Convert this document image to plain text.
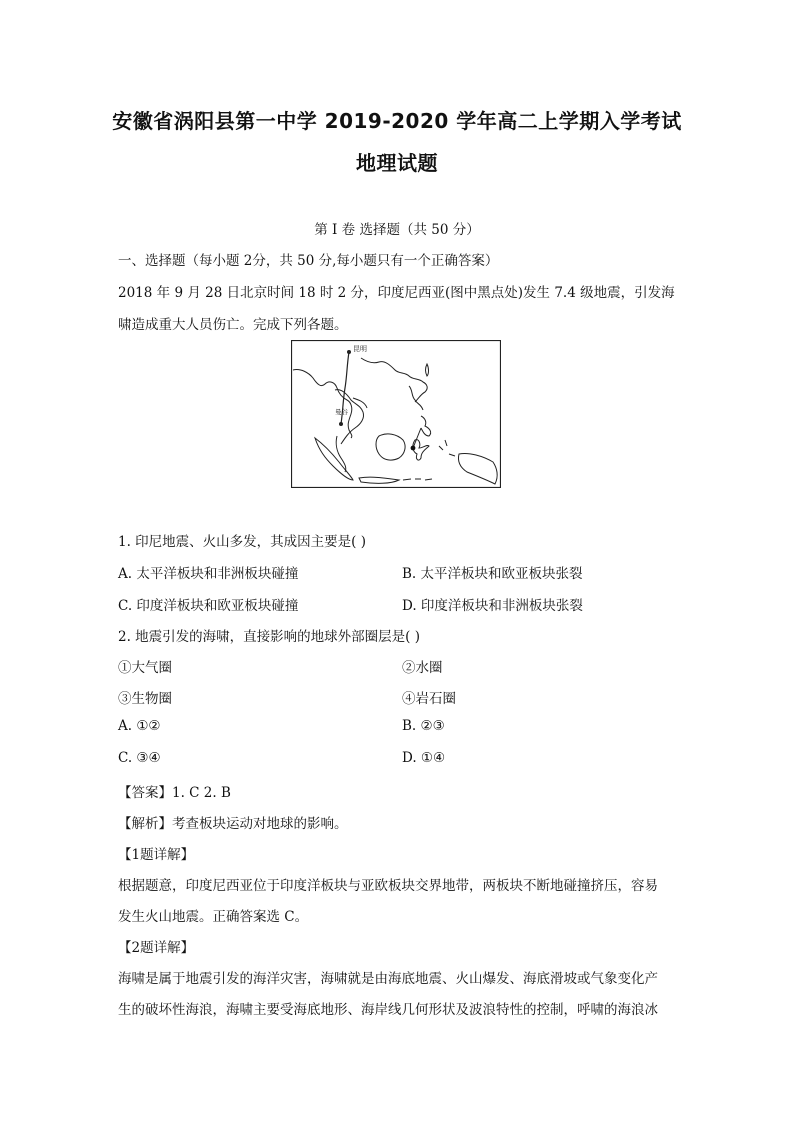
安徽省涡阳县第一中学 2019-2020 学年高二上学期入学考试
地理试题
第 I 卷 选择题（共 50 分）
一、选择题（每小题 2分，共 50 分,每小题只有一个正确答案）
2018 年 9 月 28 日北京时间 18 时 2 分，印度尼西亚(图中黑点处)发生 7.4 级地震，引发海
啸造成重大人员伤亡。完成下列各题。
昆明
曼谷
1. 印尼地震、火山多发，其成因主要是( )
A. 太平洋板块和非洲板块碰撞	B. 太平洋板块和欧亚板块张裂
C. 印度洋板块和欧亚板块碰撞	D. 印度洋板块和非洲板块张裂
2. 地震引发的海啸，直接影响的地球外部圈层是( )
①大气圈	②水圈
③生物圈	④岩石圈
A. ①②	B. ②③
C. ③④	D. ①④
【答案】1. C 2. B
【解析】考查板块运动对地球的影响。
【1题详解】
根据题意，印度尼西亚位于印度洋板块与亚欧板块交界地带，两板块不断地碰撞挤压，容易
发生火山地震。正确答案选 C。
【2题详解】
海啸是属于地震引发的海洋灾害，海啸就是由海底地震、火山爆发、海底滑坡或气象变化产
生的破坏性海浪，海啸主要受海底地形、海岸线几何形状及波浪特性的控制，呼啸的海浪冰
